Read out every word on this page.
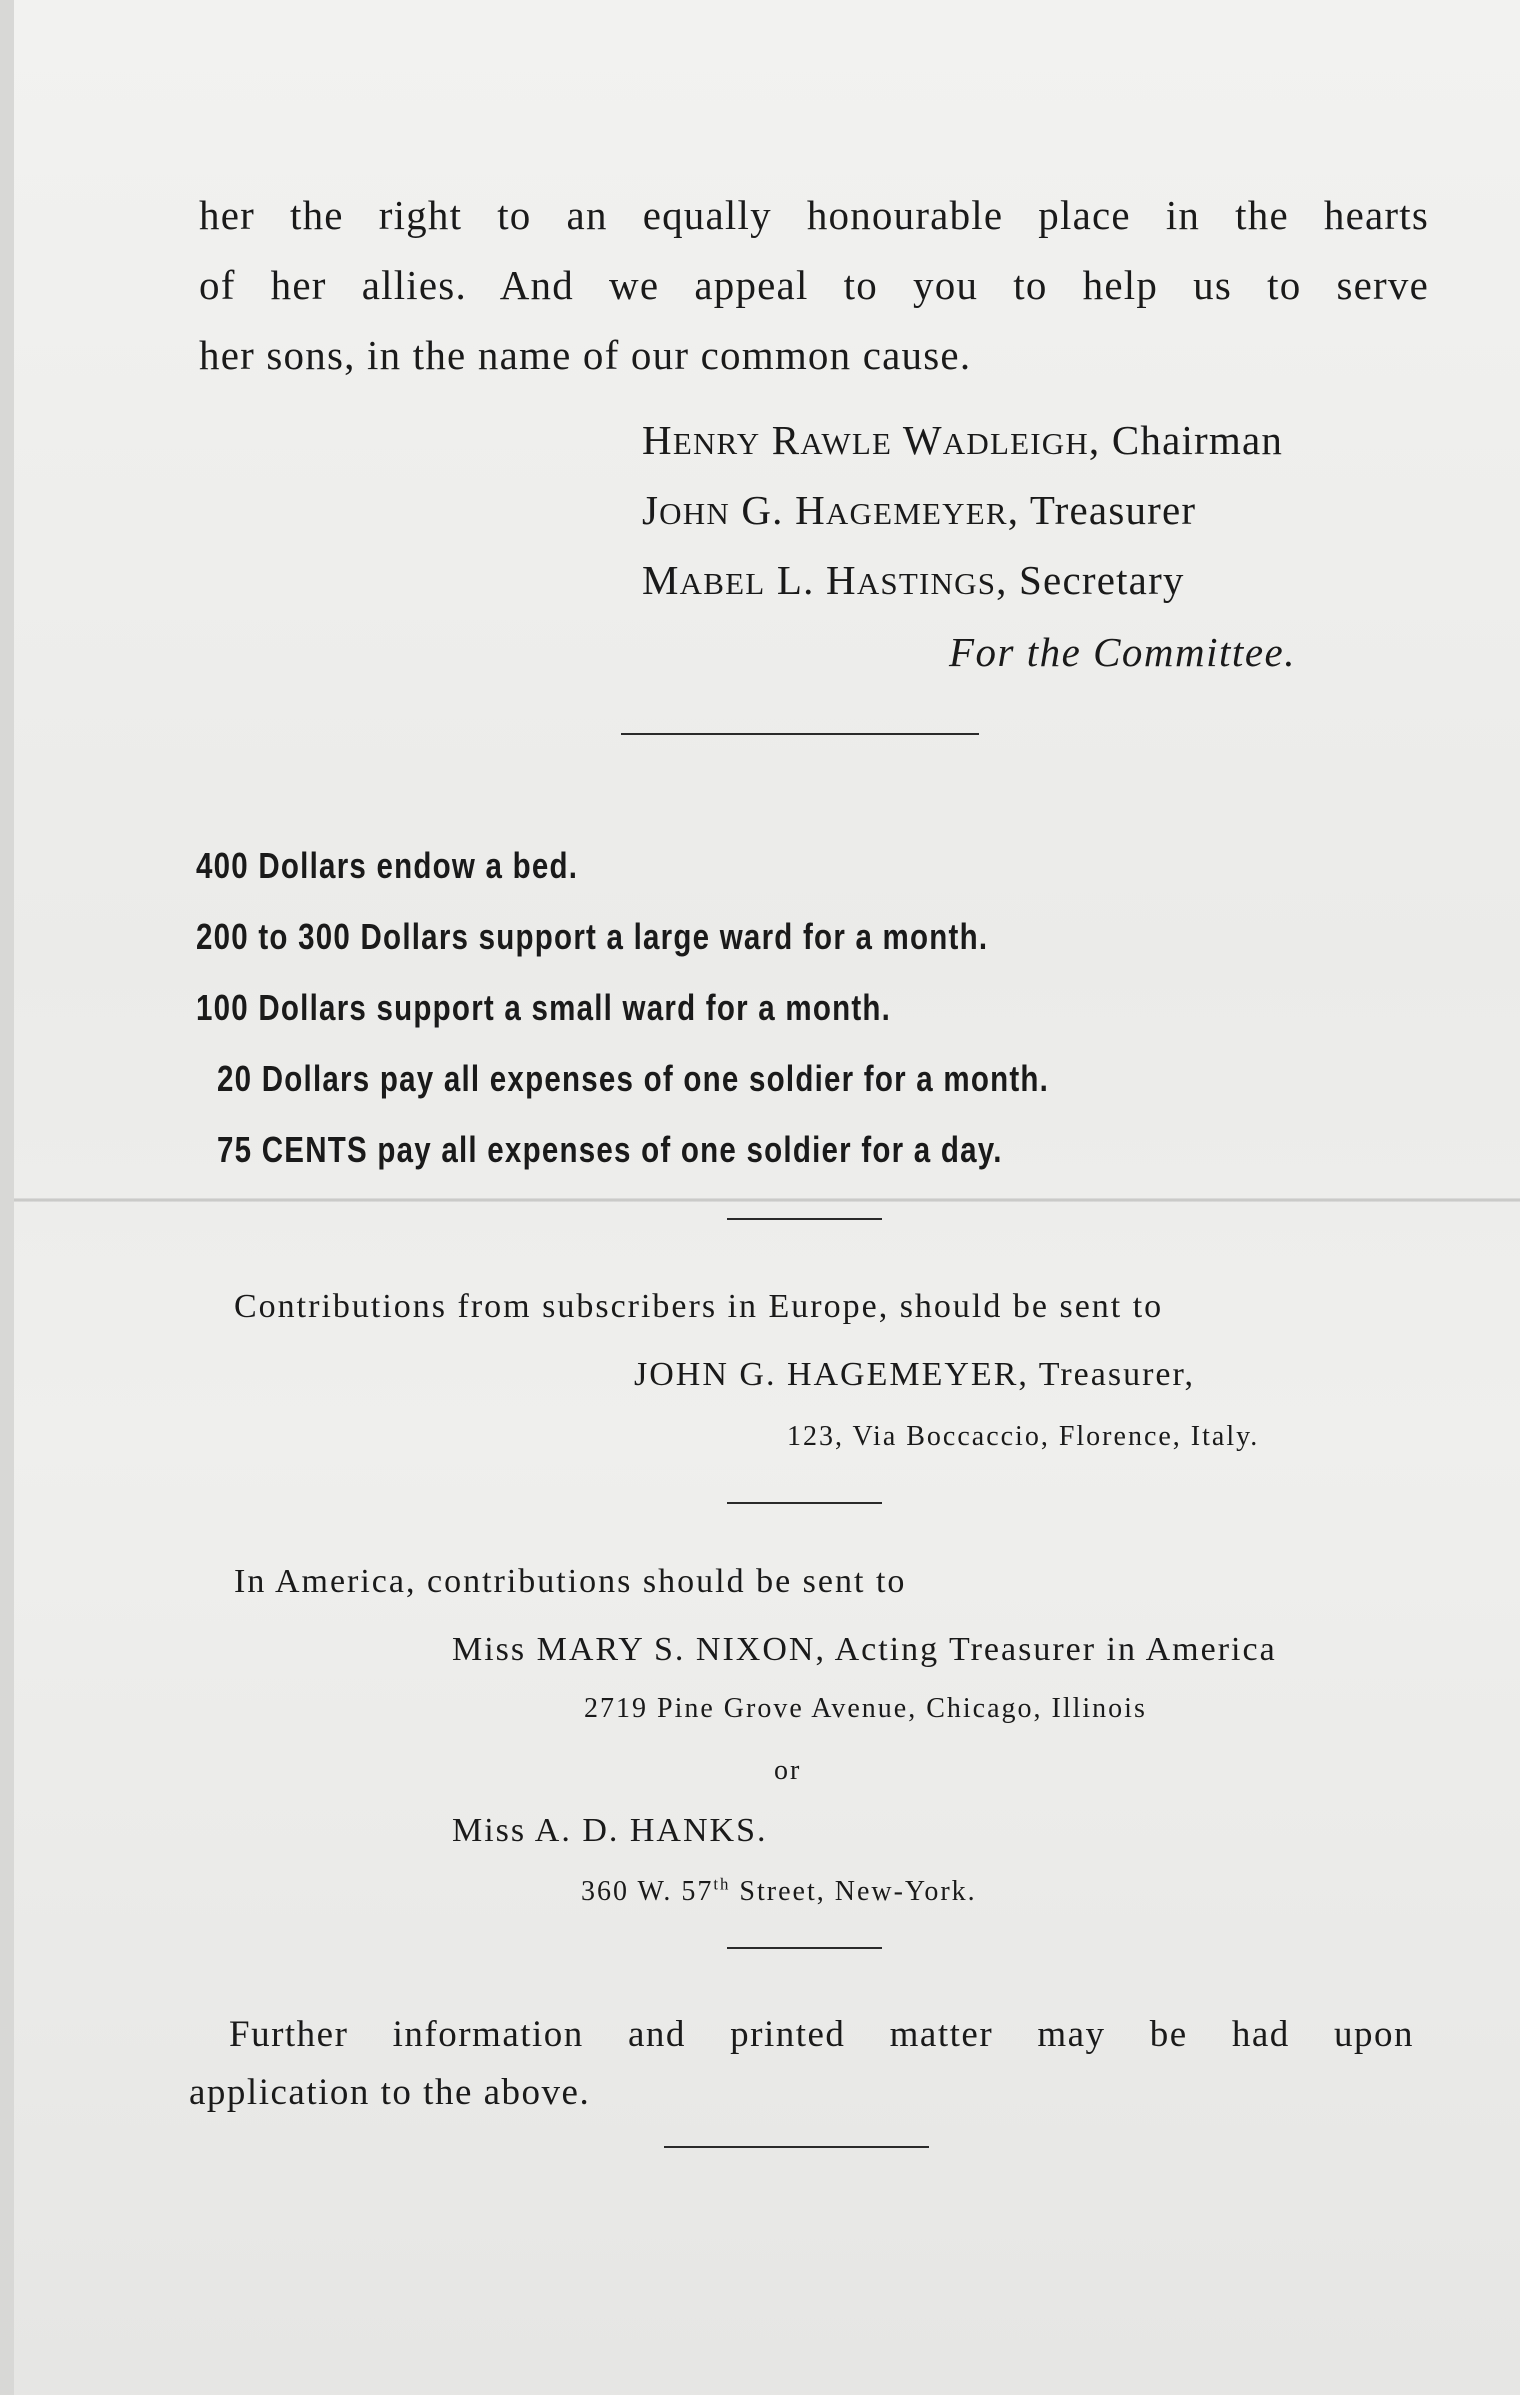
her the right to an equally honourable place in the hearts
of her allies. And we appeal to you to help us to serve
her sons, in the name of our common cause.
HENRY RAWLE WADLEIGH, Chairman
JOHN G. HAGEMEYER, Treasurer
MABEL L. HASTINGS, Secretary
For the Committee.
400 Dollars endow a bed.
200 to 300 Dollars support a large ward for a month.
100 Dollars support a small ward for a month.
20 Dollars pay all expenses of one soldier for a month.
75 CENTS pay all expenses of one soldier for a day.
Contributions from subscribers in Europe, should be sent to
JOHN G. HAGEMEYER, Treasurer,
123, Via Boccaccio, Florence, Italy.
In America, contributions should be sent to
Miss MARY S. NIXON, Acting Treasurer in America
2719 Pine Grove Avenue, Chicago, Illinois
or
Miss A. D. HANKS.
360 W. 57th Street, New-York.
Further information and printed matter may be had upon
application to the above.
